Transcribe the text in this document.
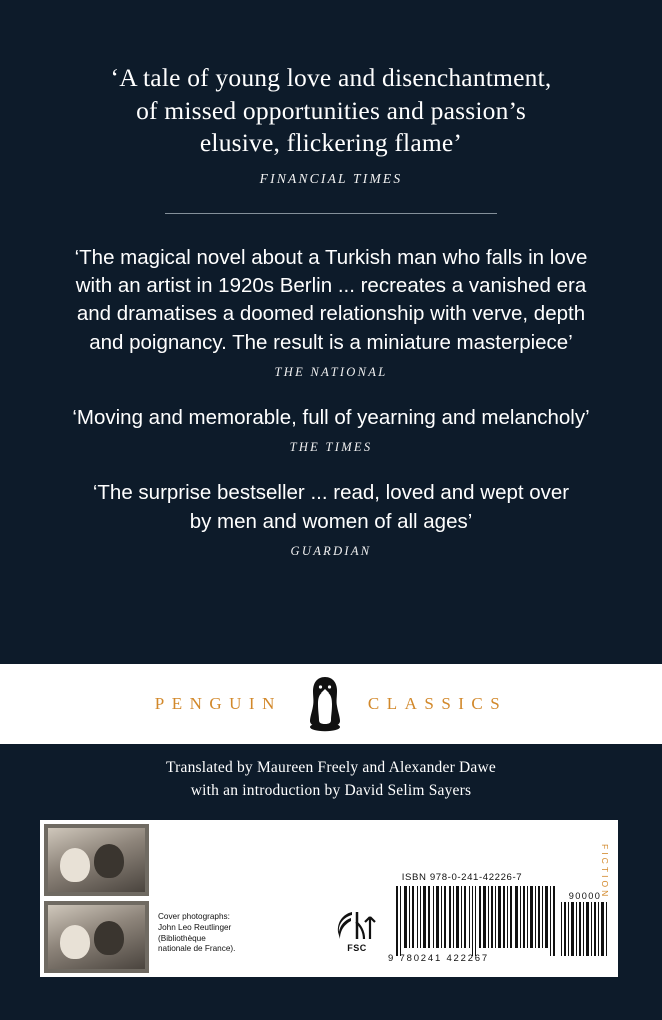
‘A tale of young love and disenchantment,
of missed opportunities and passion’s
elusive, flickering flame’
FINANCIAL TIMES
‘The magical novel about a Turkish man who falls in love
with an artist in 1920s Berlin ... recreates a vanished era
and dramatises a doomed relationship with verve, depth
and poignancy. The result is a miniature masterpiece’
THE NATIONAL
‘Moving and memorable, full of yearning and melancholy’
THE TIMES
‘The surprise bestseller ... read, loved and wept over
by men and women of all ages’
GUARDIAN
PENGUIN	CLASSICS
Translated by Maureen Freely and Alexander Dawe
with an introduction by David Selim Sayers
Cover photographs:
John Leo Reutlinger
(Bibliothèque
nationale de France).	FSC
ISBN 978-0-241-42226-7
9 780241 422267
90000
FICTION
